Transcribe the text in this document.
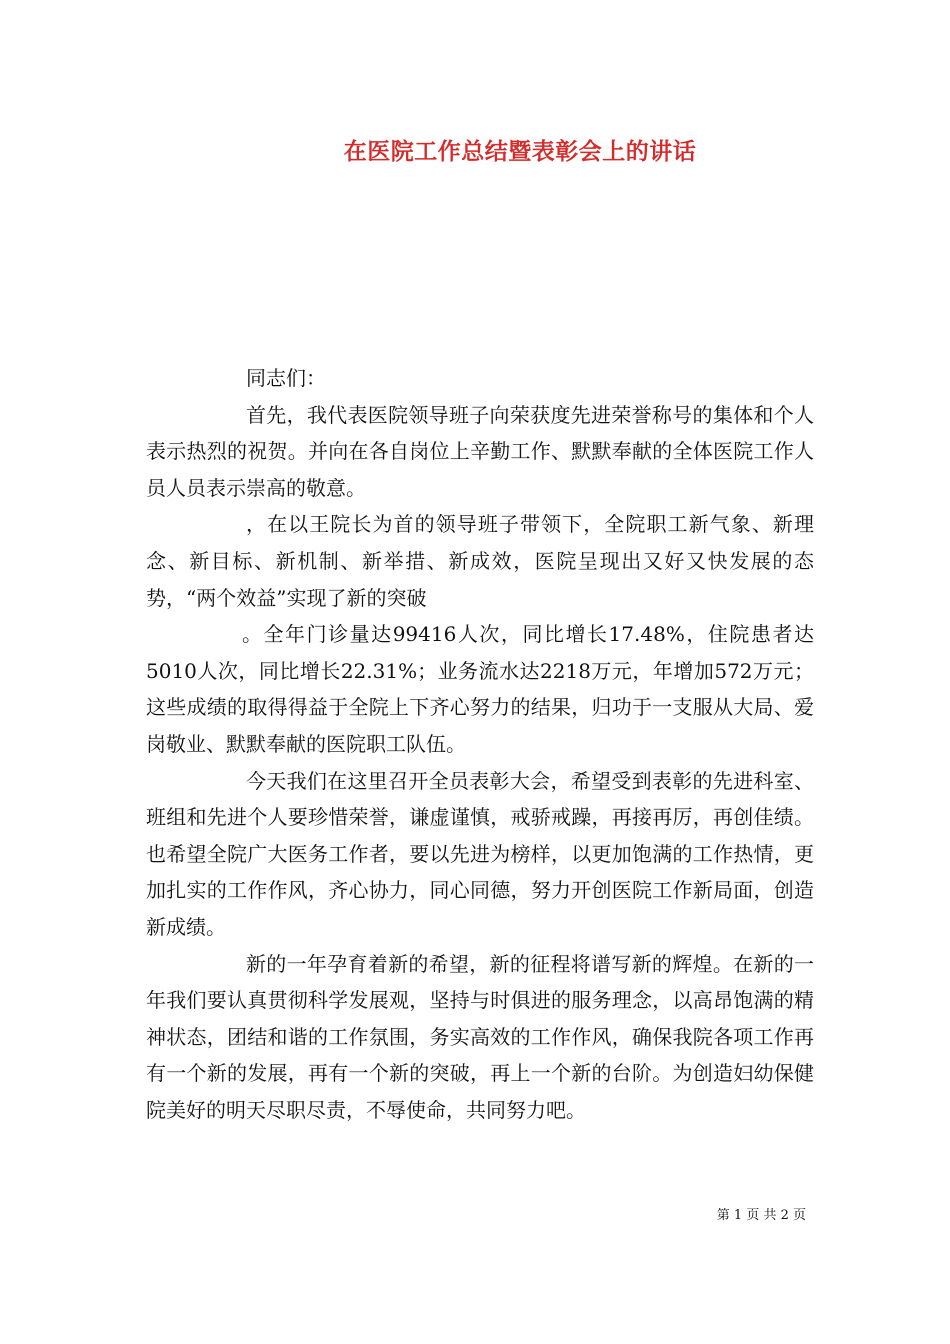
在医院工作总结暨表彰会上的讲话

同志们：

首先，我代表医院领导班子向荣获度先进荣誉称号的集体和个人表示热烈的祝贺。并向在各自岗位上辛勤工作、默默奉献的全体医院工作人员人员表示崇高的敬意。

，在以王院长为首的领导班子带领下，全院职工新气象、新理念、新目标、新机制、新举措、新成效，医院呈现出又好又快发展的态势，“两个效益”实现了新的突破

。全年门诊量达99416人次，同比增长17.48%，住院患者达5010人次，同比增长22.31%；业务流水达2218万元，年增加572万元；这些成绩的取得得益于全院上下齐心努力的结果，归功于一支服从大局、爱岗敬业、默默奉献的医院职工队伍。

今天我们在这里召开全员表彰大会，希望受到表彰的先进科室、班组和先进个人要珍惜荣誉，谦虚谨慎，戒骄戒躁，再接再厉，再创佳绩。也希望全院广大医务工作者，要以先进为榜样，以更加饱满的工作热情，更加扎实的工作作风，齐心协力，同心同德，努力开创医院工作新局面，创造新成绩。

新的一年孕育着新的希望，新的征程将谱写新的辉煌。在新的一年我们要认真贯彻科学发展观，坚持与时俱进的服务理念，以高昂饱满的精神状态，团结和谐的工作氛围，务实高效的工作作风，确保我院各项工作再有一个新的发展，再有一个新的突破，再上一个新的台阶。为创造妇幼保健院美好的明天尽职尽责，不辱使命，共同努力吧。

第 1 页 共 2 页
